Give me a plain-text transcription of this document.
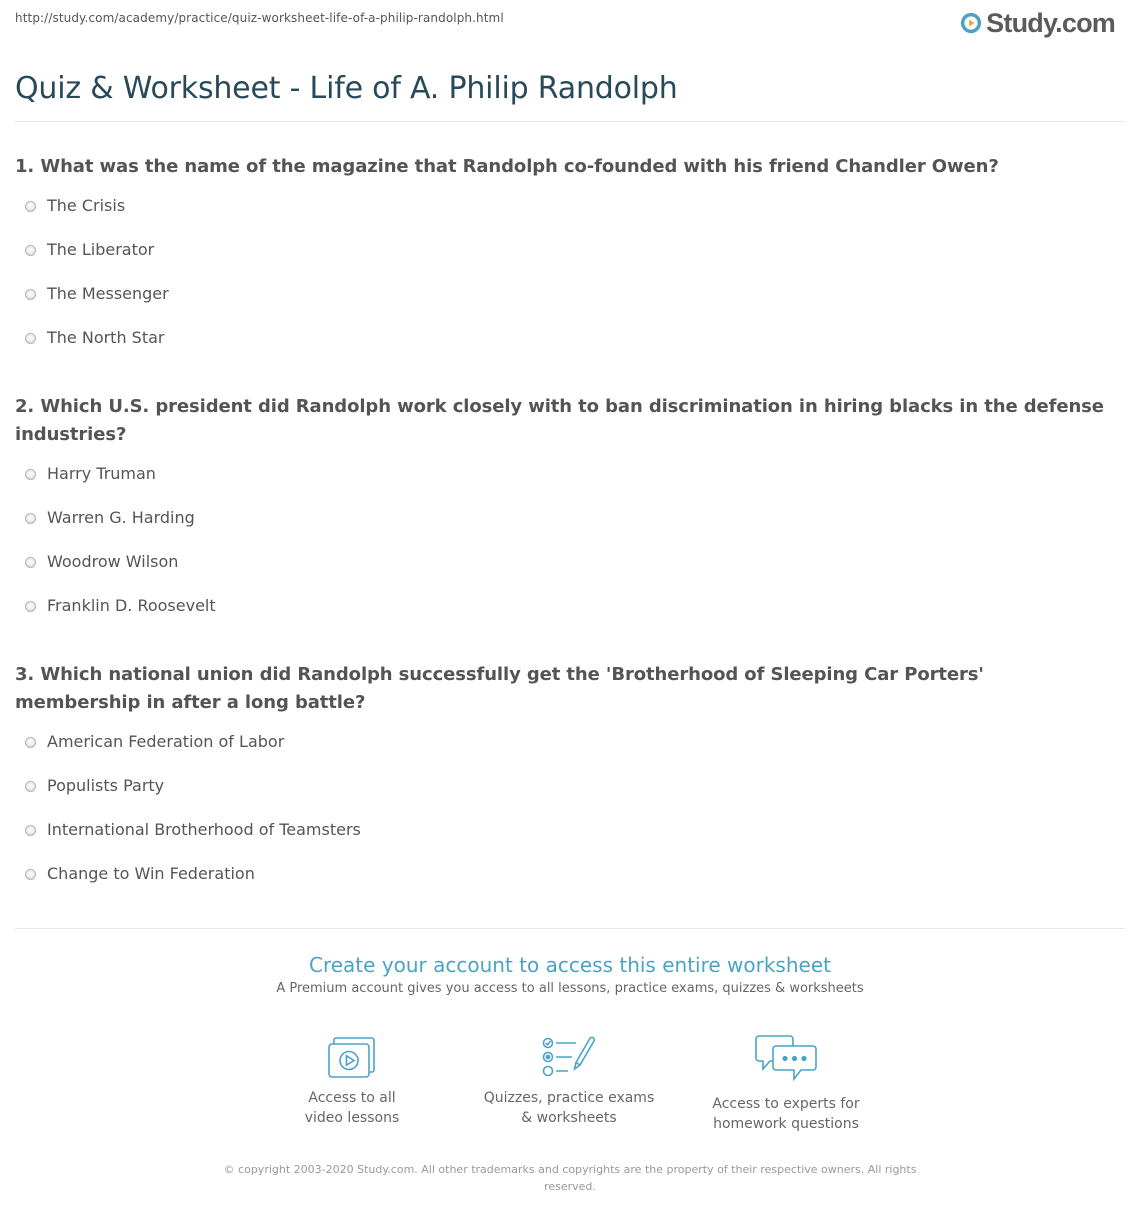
http://study.com/academy/practice/quiz-worksheet-life-of-a-philip-randolph.html	Study.com
Quiz & Worksheet - Life of A. Philip Randolph
1. What was the name of the magazine that Randolph co-founded with his friend Chandler Owen?
The Crisis
The Liberator
The Messenger
The North Star
2. Which U.S. president did Randolph work closely with to ban discrimination in hiring blacks in the defense industries?
Harry Truman
Warren G. Harding
Woodrow Wilson
Franklin D. Roosevelt
3. Which national union did Randolph successfully get the 'Brotherhood of Sleeping Car Porters' membership in after a long battle?
American Federation of Labor
Populists Party
International Brotherhood of Teamsters
Change to Win Federation
Create your account to access this entire worksheet
A Premium account gives you access to all lessons, practice exams, quizzes & worksheets
Access to all
video lessons
Quizzes, practice exams
& worksheets
Access to experts for
homework questions
© copyright 2003-2020 Study.com. All other trademarks and copyrights are the property of their respective owners. All rights
reserved.
